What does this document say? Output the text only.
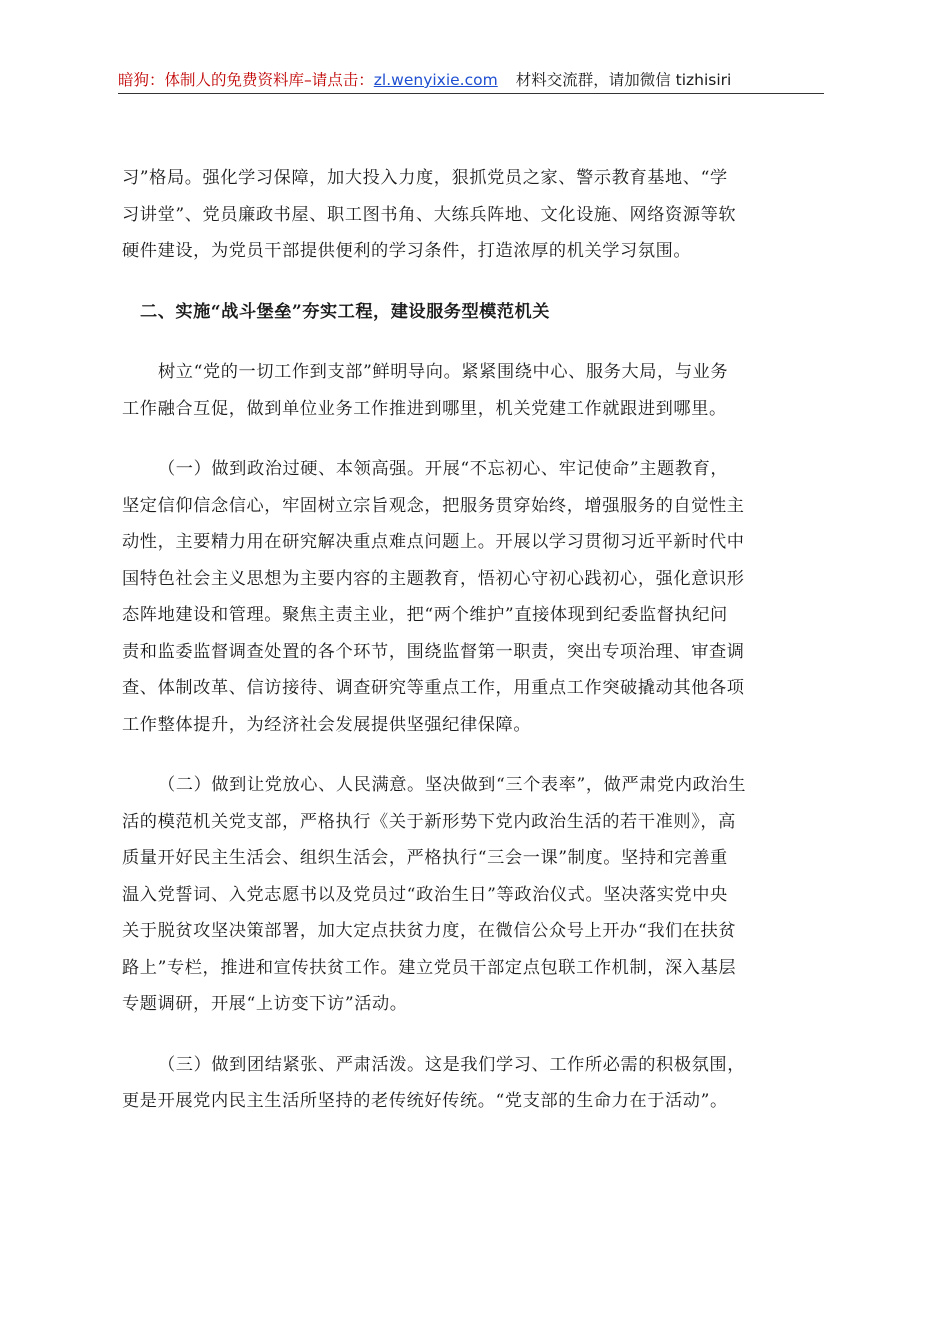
暗狗：体制人的免费资料库–请点击：zl.wenyixie.com 材料交流群，请加微信 tizhisiri

习”格局。强化学习保障，加大投入力度，狠抓党员之家、警示教育基地、“学
习讲堂”、党员廉政书屋、职工图书角、大练兵阵地、文化设施、网络资源等软
硬件建设，为党员干部提供便利的学习条件，打造浓厚的机关学习氛围。

二、实施“战斗堡垒”夯实工程，建设服务型模范机关

树立“党的一切工作到支部”鲜明导向。紧紧围绕中心、服务大局，与业务
工作融合互促，做到单位业务工作推进到哪里，机关党建工作就跟进到哪里。

（一）做到政治过硬、本领高强。开展“不忘初心、牢记使命”主题教育，
坚定信仰信念信心，牢固树立宗旨观念，把服务贯穿始终，增强服务的自觉性主
动性，主要精力用在研究解决重点难点问题上。开展以学习贯彻习近平新时代中
国特色社会主义思想为主要内容的主题教育，悟初心守初心践初心，强化意识形
态阵地建设和管理。聚焦主责主业，把“两个维护”直接体现到纪委监督执纪问
责和监委监督调查处置的各个环节，围绕监督第一职责，突出专项治理、审查调
查、体制改革、信访接待、调查研究等重点工作，用重点工作突破撬动其他各项
工作整体提升，为经济社会发展提供坚强纪律保障。

（二）做到让党放心、人民满意。坚决做到“三个表率”，做严肃党内政治生
活的模范机关党支部，严格执行《关于新形势下党内政治生活的若干准则》，高
质量开好民主生活会、组织生活会，严格执行“三会一课”制度。坚持和完善重
温入党誓词、入党志愿书以及党员过“政治生日”等政治仪式。坚决落实党中央
关于脱贫攻坚决策部署，加大定点扶贫力度，在微信公众号上开办“我们在扶贫
路上”专栏，推进和宣传扶贫工作。建立党员干部定点包联工作机制，深入基层
专题调研，开展“上访变下访”活动。

（三）做到团结紧张、严肃活泼。这是我们学习、工作所必需的积极氛围，
更是开展党内民主生活所坚持的老传统好传统。“党支部的生命力在于活动”。
